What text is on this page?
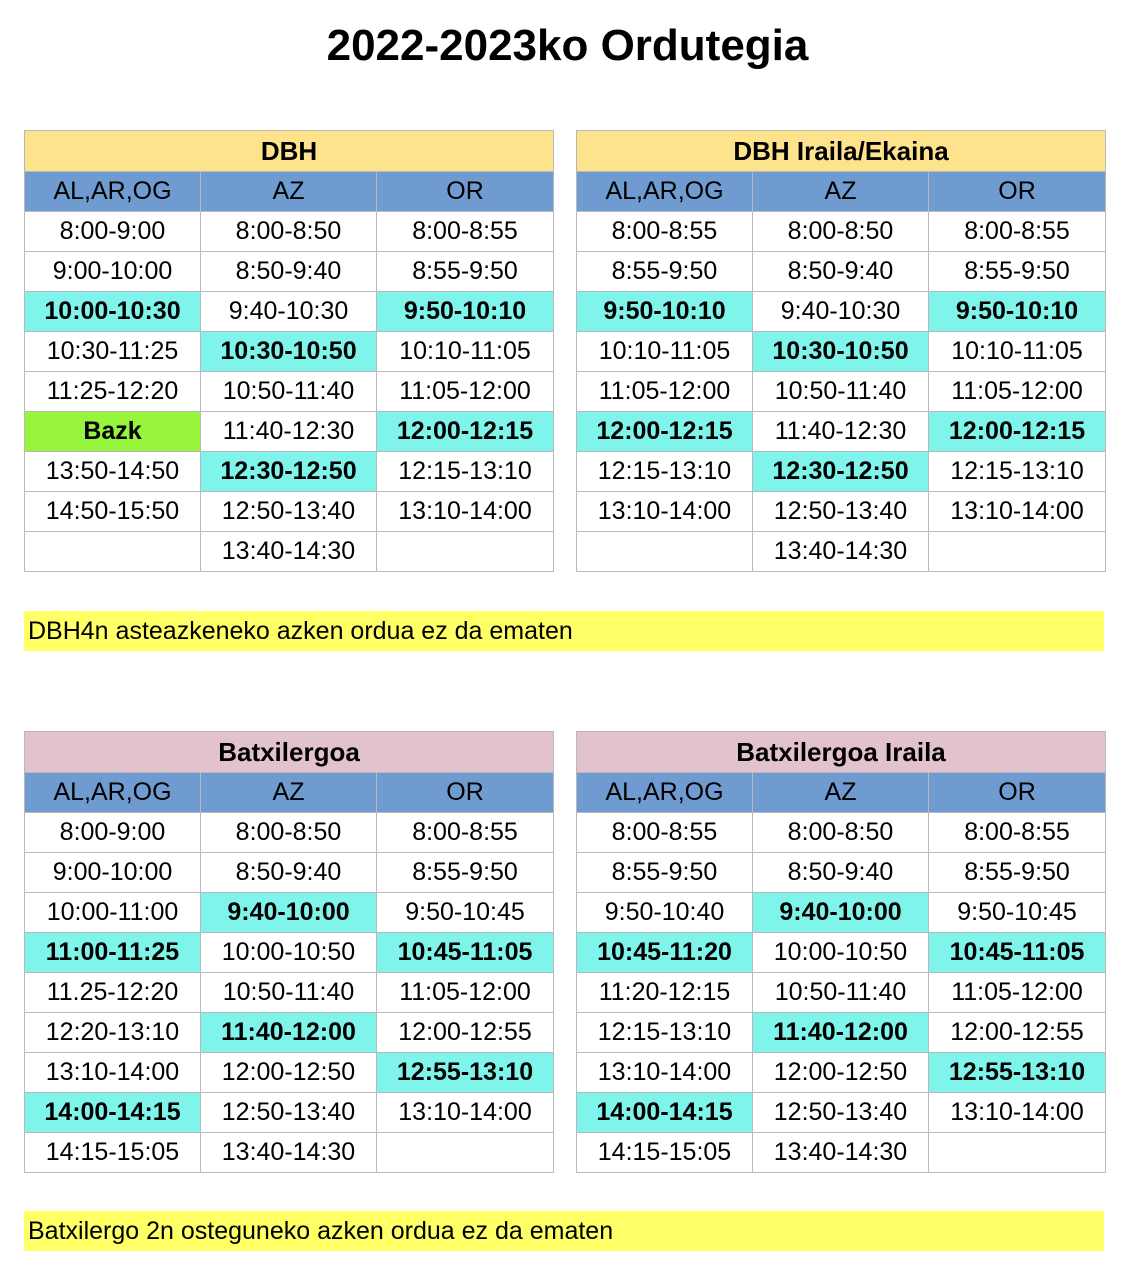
2022-2023ko Ordutegia
DBH		
AL,AR,OG	AZ	OR
8:00-9:00	8:00-8:50	8:00-8:55
9:00-10:00	8:50-9:40	8:55-9:50
10:00-10:30	9:40-10:30	9:50-10:10
10:30-11:25	10:30-10:50	10:10-11:05
11:25-12:20	10:50-11:40	11:05-12:00
Bazk	11:40-12:30	12:00-12:15
13:50-14:50	12:30-12:50	12:15-13:10
14:50-15:50	12:50-13:40	13:10-14:00
	13:40-14:30	
DBH Iraila/Ekaina		
AL,AR,OG	AZ	OR
8:00-8:55	8:00-8:50	8:00-8:55
8:55-9:50	8:50-9:40	8:55-9:50
9:50-10:10	9:40-10:30	9:50-10:10
10:10-11:05	10:30-10:50	10:10-11:05
11:05-12:00	10:50-11:40	11:05-12:00
12:00-12:15	11:40-12:30	12:00-12:15
12:15-13:10	12:30-12:50	12:15-13:10
13:10-14:00	12:50-13:40	13:10-14:00
	13:40-14:30	
DBH4n asteazkeneko azken ordua ez da ematen
Batxilergoa		
AL,AR,OG	AZ	OR
8:00-9:00	8:00-8:50	8:00-8:55
9:00-10:00	8:50-9:40	8:55-9:50
10:00-11:00	9:40-10:00	9:50-10:45
11:00-11:25	10:00-10:50	10:45-11:05
11.25-12:20	10:50-11:40	11:05-12:00
12:20-13:10	11:40-12:00	12:00-12:55
13:10-14:00	12:00-12:50	12:55-13:10
14:00-14:15	12:50-13:40	13:10-14:00
14:15-15:05	13:40-14:30	
Batxilergoa Iraila		
AL,AR,OG	AZ	OR
8:00-8:55	8:00-8:50	8:00-8:55
8:55-9:50	8:50-9:40	8:55-9:50
9:50-10:40	9:40-10:00	9:50-10:45
10:45-11:20	10:00-10:50	10:45-11:05
11:20-12:15	10:50-11:40	11:05-12:00
12:15-13:10	11:40-12:00	12:00-12:55
13:10-14:00	12:00-12:50	12:55-13:10
14:00-14:15	12:50-13:40	13:10-14:00
14:15-15:05	13:40-14:30	
Batxilergo 2n osteguneko azken ordua ez da ematen
